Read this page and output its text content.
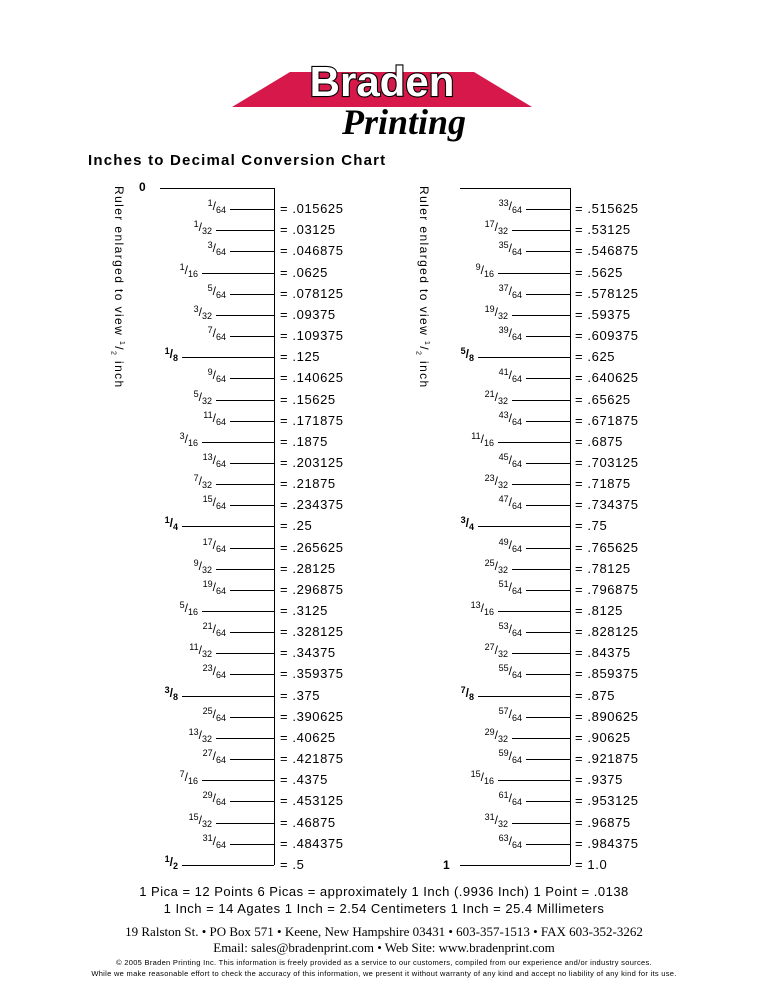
Braden
Printing
Inches to Decimal Conversion Chart
Ruler enlarged to view $^1/_2$ inch
Ruler enlarged to view $^1/_2$ inch
0
1
1/64	= .015625
1/32	= .03125
3/64	= .046875
1/16	= .0625
5/64	= .078125
3/32	= .09375
7/64	= .109375
1/8	= .125
9/64	= .140625
5/32	= .15625
11/64	= .171875
3/16	= .1875
13/64	= .203125
7/32	= .21875
15/64	= .234375
1/4	= .25
17/64	= .265625
9/32	= .28125
19/64	= .296875
5/16	= .3125
21/64	= .328125
11/32	= .34375
23/64	= .359375
3/8	= .375
25/64	= .390625
13/32	= .40625
27/64	= .421875
7/16	= .4375
29/64	= .453125
15/32	= .46875
31/64	= .484375
1/2	= .5
33/64	= .515625
17/32	= .53125
35/64	= .546875
9/16	= .5625
37/64	= .578125
19/32	= .59375
39/64	= .609375
5/8	= .625
41/64	= .640625
21/32	= .65625
43/64	= .671875
11/16	= .6875
45/64	= .703125
23/32	= .71875
47/64	= .734375
3/4	= .75
49/64	= .765625
25/32	= .78125
51/64	= .796875
13/16	= .8125
53/64	= .828125
27/32	= .84375
55/64	= .859375
7/8	= .875
57/64	= .890625
29/32	= .90625
59/64	= .921875
15/16	= .9375
61/64	= .953125
31/32	= .96875
63/64	= .984375
= 1.0
1 Pica = 12 Points 6 Picas = approximately 1 Inch (.9936 Inch) 1 Point = .0138
1 Inch = 14 Agates 1 Inch = 2.54 Centimeters 1 Inch = 25.4 Millimeters
19 Ralston St. • PO Box 571 • Keene, New Hampshire 03431 • 603-357-1513 • FAX 603-352-3262
Email: sales@bradenprint.com • Web Site: www.bradenprint.com
© 2005 Braden Printing Inc. This information is freely provided as a service to our customers, compiled from our experience and/or industry sources.
While we make reasonable effort to check the accuracy of this information, we present it without warranty of any kind and accept no liability of any kind for its use.
